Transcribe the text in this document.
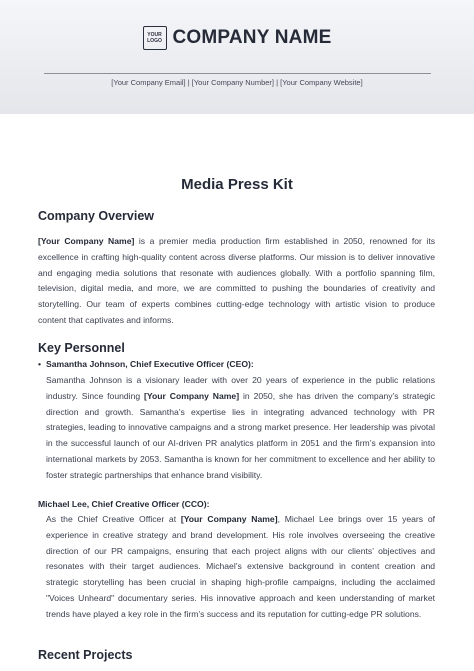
YOUR
LOGO COMPANY NAME
[Your Company Email] | [Your Company Number] | [Your Company Website]
Media Press Kit
Company Overview

[Your Company Name] is a premier media production firm established in 2050, renowned for its excellence in crafting high-quality content across diverse platforms. Our mission is to deliver innovative and engaging media solutions that resonate with audiences globally. With a portfolio spanning film, television, digital media, and more, we are committed to pushing the boundaries of creativity and storytelling. Our team of experts combines cutting-edge technology with artistic vision to produce content that captivates and informs.

Key Personnel
• Samantha Johnson, Chief Executive Officer (CEO):

Samantha Johnson is a visionary leader with over 20 years of experience in the public relations industry. Since founding [Your Company Name] in 2050, she has driven the company’s strategic direction and growth. Samantha’s expertise lies in integrating advanced technology with PR strategies, leading to innovative campaigns and a strong market presence. Her leadership was pivotal in the successful launch of our AI-driven PR analytics platform in 2051 and the firm’s expansion into international markets by 2053. Samantha is known for her commitment to excellence and her ability to foster strategic partnerships that enhance brand visibility.

Michael Lee, Chief Creative Officer (CCO):

As the Chief Creative Officer at [Your Company Name], Michael Lee brings over 15 years of experience in creative strategy and brand development. His role involves overseeing the creative direction of our PR campaigns, ensuring that each project aligns with our clients’ objectives and resonates with their target audiences. Michael’s extensive background in content creation and strategic storytelling has been crucial in shaping high-profile campaigns, including the acclaimed "Voices Unheard" documentary series. His innovative approach and keen understanding of market trends have played a key role in the firm’s success and its reputation for cutting-edge PR solutions.

Recent Projects
